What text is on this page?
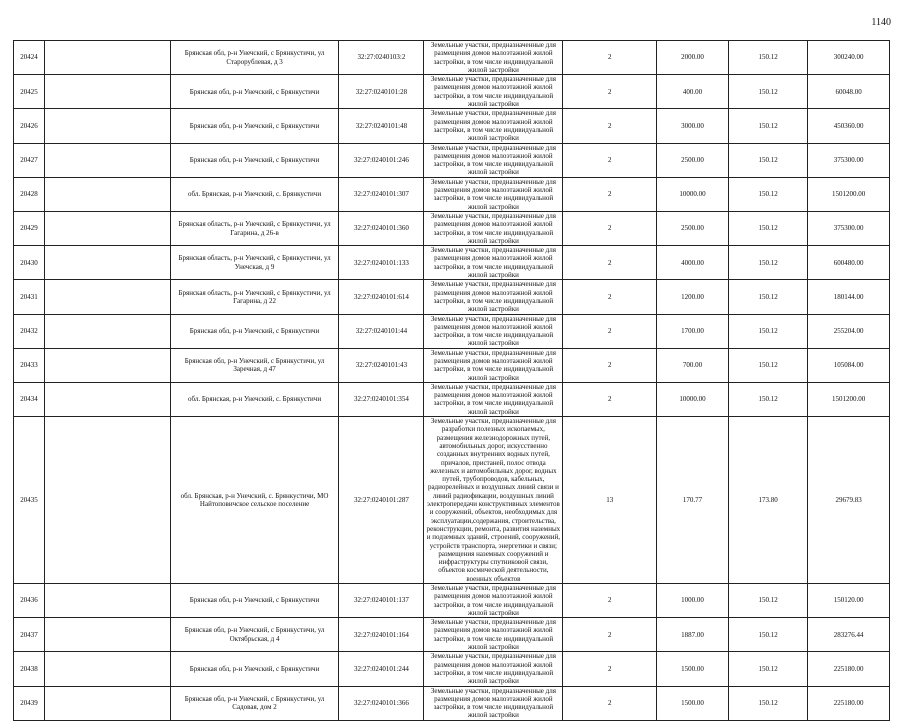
1140
20424		Брянская обл, р-н Унечский, с Брянкустичи, ул Старорублевая, д 3	32:27:0240103:2	Земельные участки, предназначенные для размещения домов малоэтажной жилой застройки, в том числе индивидуальной жилой застройки	2	2000.00	150.12	300240.00
20425		Брянская обл, р-н Унечский, с Брянкустичи	32:27:0240101:28	Земельные участки, предназначенные для размещения домов малоэтажной жилой застройки, в том числе индивидуальной жилой застройки	2	400.00	150.12	60048.00
20426		Брянская обл, р-н Унечский, с Брянкустичи	32:27:0240101:48	Земельные участки, предназначенные для размещения домов малоэтажной жилой застройки, в том числе индивидуальной жилой застройки	2	3000.00	150.12	450360.00
20427		Брянская обл, р-н Унечский, с Брянкустичи	32:27:0240101:246	Земельные участки, предназначенные для размещения домов малоэтажной жилой застройки, в том числе индивидуальной жилой застройки	2	2500.00	150.12	375300.00
20428		обл. Брянская, р-н Унечский, с. Брянкустичи	32:27:0240101:307	Земельные участки, предназначенные для размещения домов малоэтажной жилой застройки, в том числе индивидуальной жилой застройки	2	10000.00	150.12	1501200.00
20429		Брянская область, р-н Унечский, с Брянкустичи, ул Гагарина, д 26-в	32:27:0240101:360	Земельные участки, предназначенные для размещения домов малоэтажной жилой застройки, в том числе индивидуальной жилой застройки	2	2500.00	150.12	375300.00
20430		Брянская область, р-н Унечский, с Брянкустичи, ул Унечская, д 9	32:27:0240101:133	Земельные участки, предназначенные для размещения домов малоэтажной жилой застройки, в том числе индивидуальной жилой застройки	2	4000.00	150.12	600480.00
20431		Брянская область, р-н Унечский, с Брянкустичи, ул Гагарина, д 22	32:27:0240101:614	Земельные участки, предназначенные для размещения домов малоэтажной жилой застройки, в том числе индивидуальной жилой застройки	2	1200.00	150.12	180144.00
20432		Брянская обл, р-н Унечский, с Брянкустичи	32:27:0240101:44	Земельные участки, предназначенные для размещения домов малоэтажной жилой застройки, в том числе индивидуальной жилой застройки	2	1700.00	150.12	255204.00
20433		Брянская обл, р-н Унечский, с Брянкустичи, ул Заречная, д 47	32:27:0240101:43	Земельные участки, предназначенные для размещения домов малоэтажной жилой застройки, в том числе индивидуальной жилой застройки	2	700.00	150.12	105084.00
20434		обл. Брянская, р-н Унечский, с. Брянкустичи	32:27:0240101:354	Земельные участки, предназначенные для размещения домов малоэтажной жилой застройки, в том числе индивидуальной жилой застройки	2	10000.00	150.12	1501200.00
20435		обл. Брянская, р-н Унечский, с. Брянкустичи, МО Найтоповичское сельское поселение	32:27:0240101:287	Земельные участки, предназначенные для разработки полезных ископаемых, размещения железнодорожных путей, автомобильных дорог, искусственно созданных внутренних водных путей, причалов, пристаней, полос отвода железных и автомобильных дорог, водных путей, трубопроводов, кабельных, радиорелейных и воздушных линий связи и линий радиофикации, воздушных линий электропередачи конструктивных элементов и сооружений, объектов, необходимых для эксплуатации,содержания, строительства, реконструкции, ремонта, развития наземных и подземных зданий, строений, сооружений, устройств транспорта, энергетики и связи; размещения наземных сооружений и инфраструктуры спутниковой связи, объектов космической деятельности, военных объектов	13	170.77	173.80	29679.83
20436		Брянская обл, р-н Унечский, с Брянкустичи	32:27:0240101:137	Земельные участки, предназначенные для размещения домов малоэтажной жилой застройки, в том числе индивидуальной жилой застройки	2	1000.00	150.12	150120.00
20437		Брянская обл, р-н Унечский, с Брянкустичи, ул Октябрьская, д 4	32:27:0240101:164	Земельные участки, предназначенные для размещения домов малоэтажной жилой застройки, в том числе индивидуальной жилой застройки	2	1887.00	150.12	283276.44
20438		Брянская обл, р-н Унечский, с Брянкустичи	32:27:0240101:244	Земельные участки, предназначенные для размещения домов малоэтажной жилой застройки, в том числе индивидуальной жилой застройки	2	1500.00	150.12	225180.00
20439		Брянская обл, р-н Унечский, с Брянкустичи, ул Садовая, дом 2	32:27:0240101:366	Земельные участки, предназначенные для размещения домов малоэтажной жилой застройки, в том числе индивидуальной жилой застройки	2	1500.00	150.12	225180.00
